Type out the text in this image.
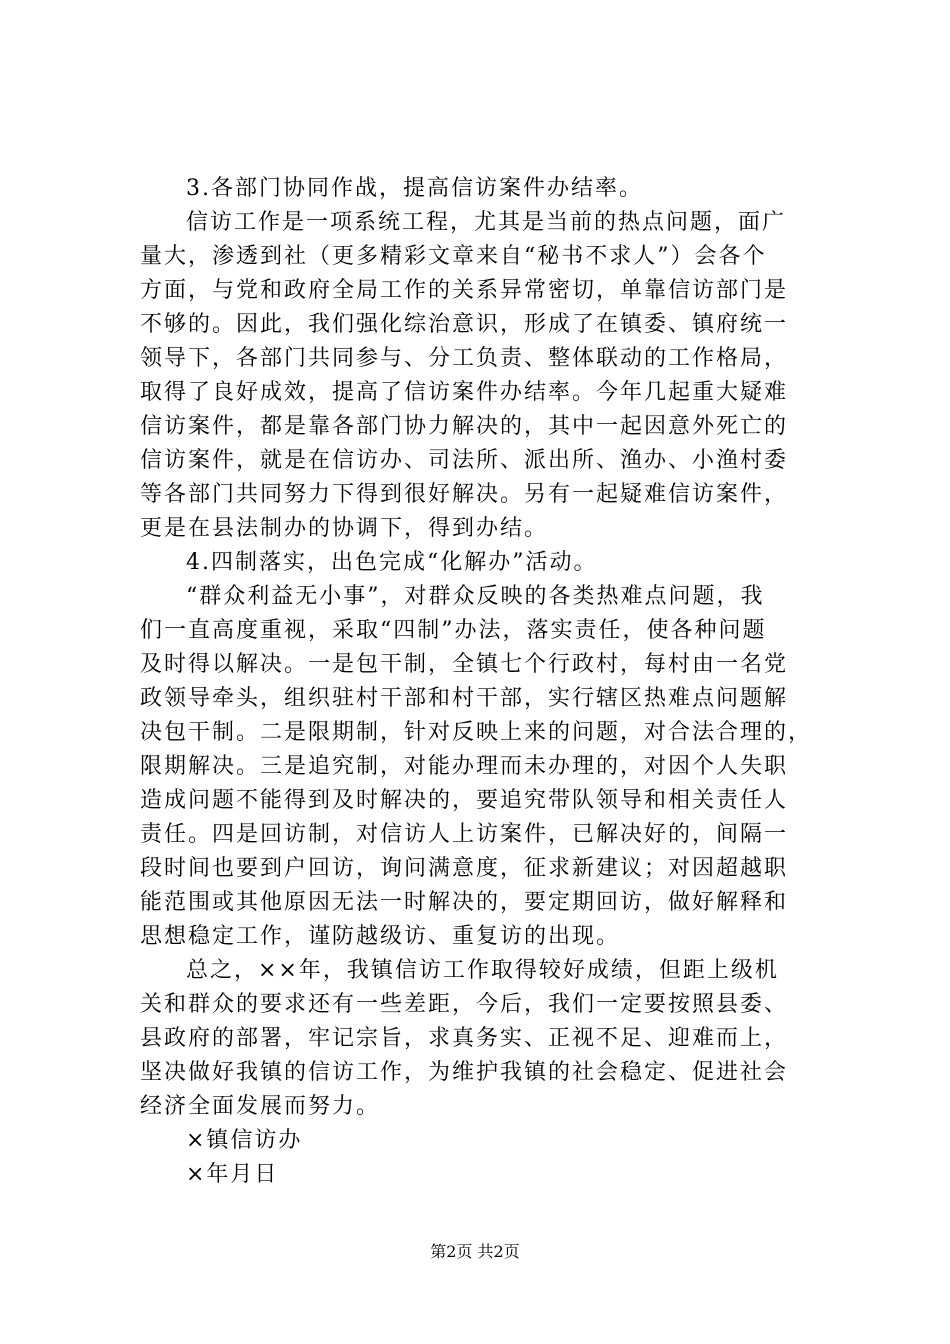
3.各部门协同作战，提高信访案件办结率。
信访工作是一项系统工程，尤其是当前的热点问题，面广
量大，渗透到社（更多精彩文章来自“秘书不求人”）会各个
方面，与党和政府全局工作的关系异常密切，单靠信访部门是
不够的。因此，我们强化综治意识，形成了在镇委、镇府统一
领导下，各部门共同参与、分工负责、整体联动的工作格局，
取得了良好成效，提高了信访案件办结率。今年几起重大疑难
信访案件，都是靠各部门协力解决的，其中一起因意外死亡的
信访案件，就是在信访办、司法所、派出所、渔办、小渔村委
等各部门共同努力下得到很好解决。另有一起疑难信访案件，
更是在县法制办的协调下，得到办结。
4.四制落实，出色完成“化解办”活动。
“群众利益无小事”，对群众反映的各类热难点问题，我
们一直高度重视，采取“四制”办法，落实责任，使各种问题
及时得以解决。一是包干制，全镇七个行政村，每村由一名党
政领导牵头，组织驻村干部和村干部，实行辖区热难点问题解
决包干制。二是限期制，针对反映上来的问题，对合法合理的，
限期解决。三是追究制，对能办理而未办理的，对因个人失职
造成问题不能得到及时解决的，要追究带队领导和相关责任人
责任。四是回访制，对信访人上访案件，已解决好的，间隔一
段时间也要到户回访，询问满意度，征求新建议；对因超越职
能范围或其他原因无法一时解决的，要定期回访，做好解释和
思想稳定工作，谨防越级访、重复访的出现。
总之，××年，我镇信访工作取得较好成绩，但距上级机
关和群众的要求还有一些差距，今后，我们一定要按照县委、
县政府的部署，牢记宗旨，求真务实、正视不足、迎难而上，
坚决做好我镇的信访工作，为维护我镇的社会稳定、促进社会
经济全面发展而努力。
×镇信访办
×年月日
第2页 共2页
